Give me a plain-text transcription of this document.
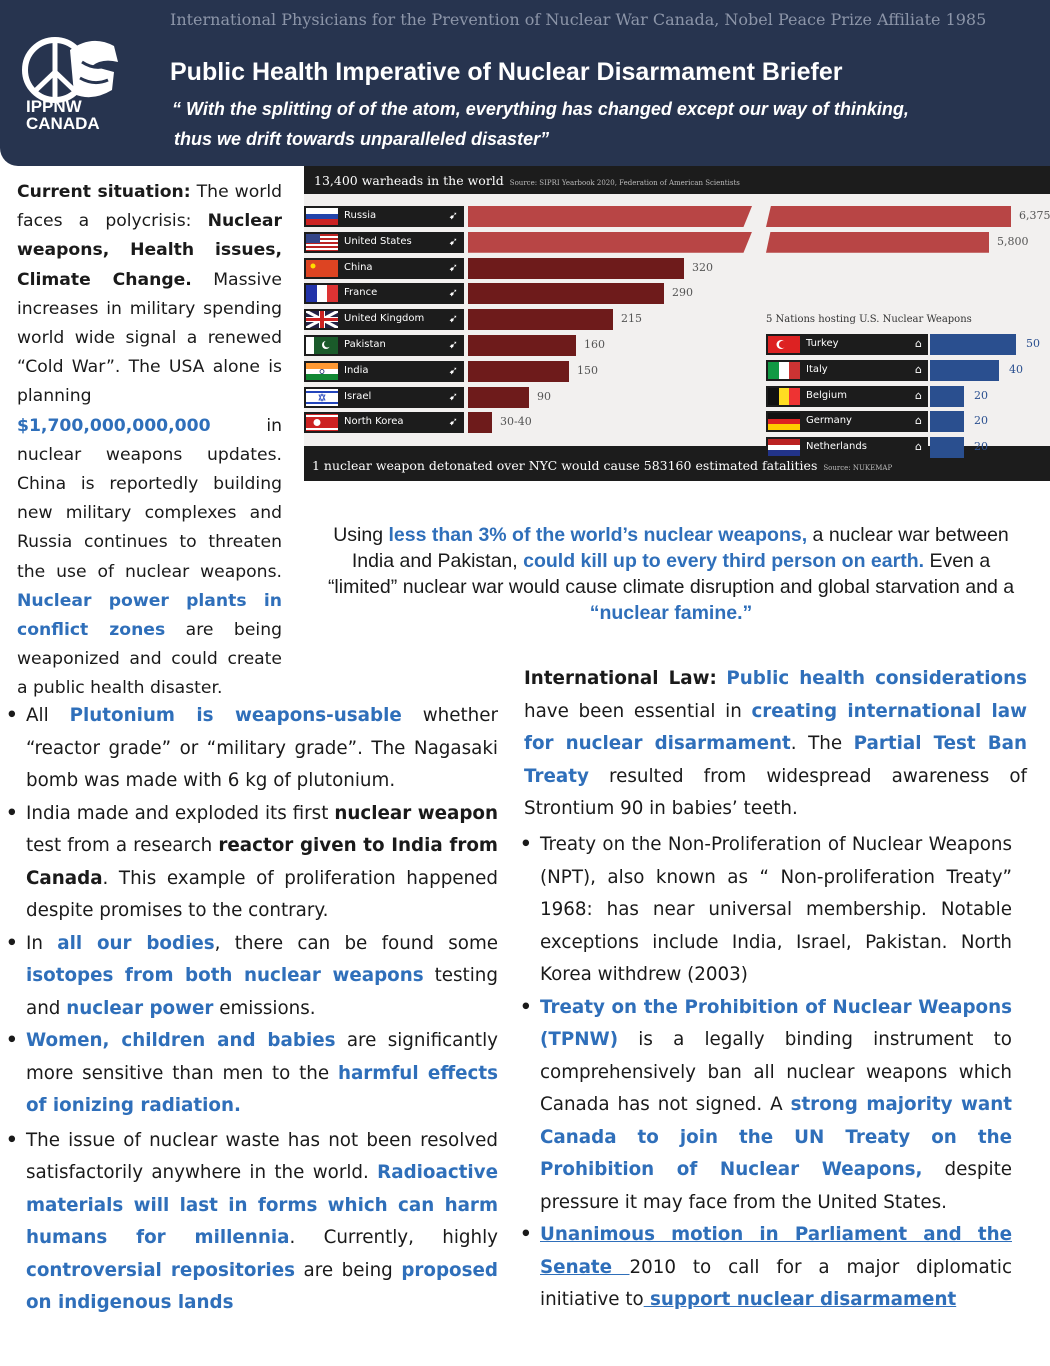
IPPNW
CANADA
International Physicians for the Prevention of Nuclear War Canada, Nobel Peace Prize Affiliate 1985
Public Health Imperative of Nuclear Disarmament Briefer
“ With the splitting of of the atom, everything has changed except our way of thinking,
thus we drift towards unparalleled disaster”
Current situation: The world faces a polycrisis: Nuclear weapons, Health issues, Climate Change. Massive increases in military spending world wide signal a renewed “Cold War”. The USA alone is planning $1,700,000,000,000 in nuclear weapons updates. China is reportedly building new military complexes and Russia continues to threaten the use of nuclear weapons. Nuclear power plants in conflict zones are being weaponized and could create a public health disaster.
13,400 warheads in the world Source: SIPRI Yearbook 2020, Federation of American Scientists
5 Nations hosting U.S. Nuclear Weapons
Russia	➹	6,375
United States	➹	5,800
China	➹	320
France	➹	290
United Kingdom ➹	215
Pakistan	➹	160
India	➹	150
Israel	➹	90
North Korea	➹	30-40
Turkey	⌂	50
Italy	⌂	40
Belgium	⌂	20
Germany	⌂	20
Netherlands	⌂	20
1 nuclear weapon detonated over NYC would cause 583160 estimated fatalities Source: NUKEMAP
Using less than 3% of the world’s nuclear weapons, a nuclear war between India and Pakistan, could kill up to every third person on earth. Even a “limited” nuclear war would cause climate disruption and global starvation and a “nuclear famine.”
• All Plutonium is weapons-usable whether “reactor grade” or “military grade”. The Nagasaki bomb was made with 6 kg of plutonium.
• India made and exploded its first nuclear weapon test from a research reactor given to India from Canada. This example of proliferation happened despite promises to the contrary.
• In all our bodies, there can be found some isotopes from both nuclear weapons testing and nuclear power emissions.
• Women, children and babies are significantly more sensitive than men to the harmful effects of ionizing radiation.
• The issue of nuclear waste has not been resolved satisfactorily anywhere in the world. Radioactive materials will last in forms which can harm humans for millennia. Currently, highly controversial repositories are being proposed on indigenous lands
International Law: Public health considerations have been essential in creating international law for nuclear disarmament. The Partial Test Ban Treaty resulted from widespread awareness of Strontium 90 in babies’ teeth.
• Treaty on the Non-Proliferation of Nuclear Weapons (NPT), also known as “ Non-proliferation Treaty” 1968: has near universal membership. Notable exceptions include India, Israel, Pakistan. North Korea withdrew (2003)
• Treaty on the Prohibition of Nuclear Weapons (TPNW) is a legally binding instrument to comprehensively ban all nuclear weapons which Canada has not signed. A strong majority want Canada to join the UN Treaty on the Prohibition of Nuclear Weapons, despite pressure it may face from the United States.
• Unanimous motion in Parliament and the Senate 2010 to call for a major diplomatic initiative to support nuclear disarmament
